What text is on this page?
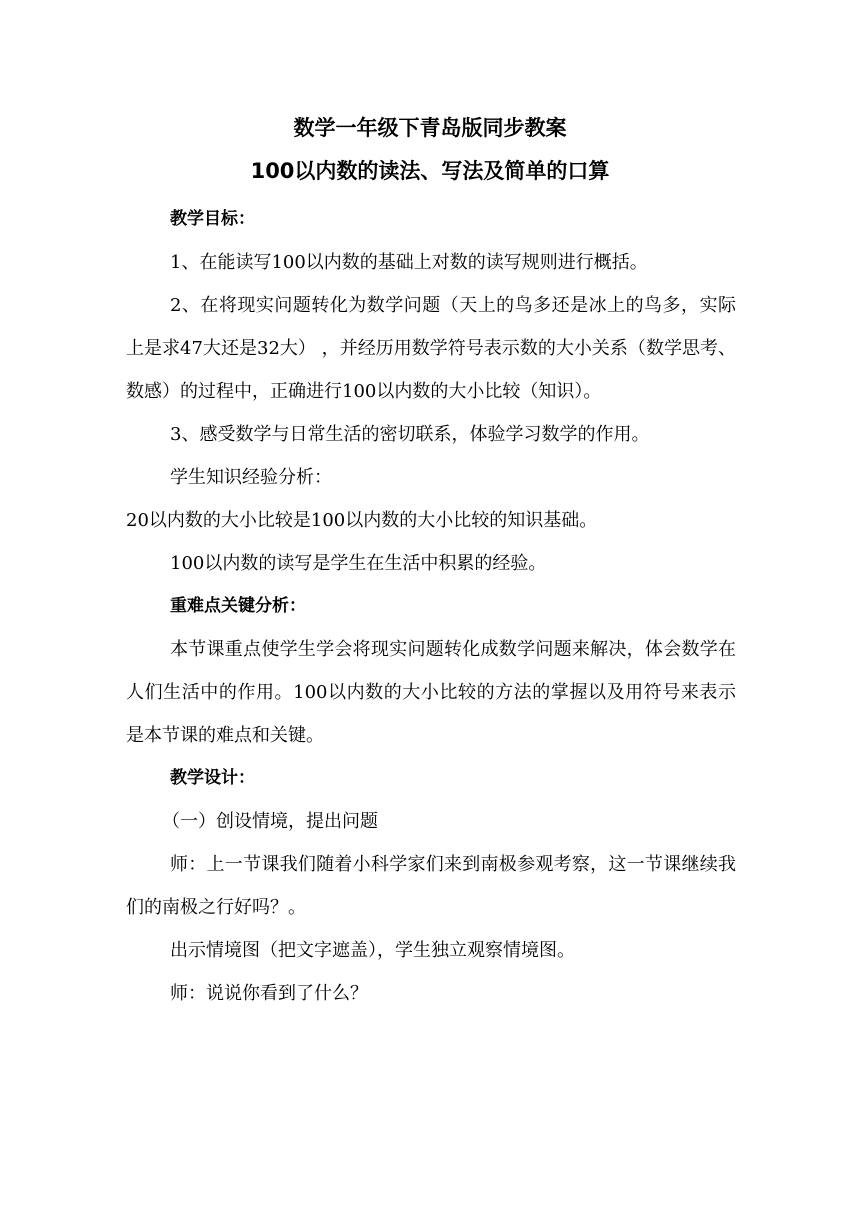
数学一年级下青岛版同步教案
100以内数的读法、写法及简单的口算

教学目标：

1、在能读写100以内数的基础上对数的读写规则进行概括。

2、在将现实问题转化为数学问题（天上的鸟多还是冰上的鸟多，实际上是求47大还是32大） ，并经历用数学符号表示数的大小关系（数学思考、数感）的过程中，正确进行100以内数的大小比较（知识）。

3、感受数学与日常生活的密切联系，体验学习数学的作用。

学生知识经验分析：

20以内数的大小比较是100以内数的大小比较的知识基础。

100以内数的读写是学生在生活中积累的经验。

重难点关键分析：

本节课重点使学生学会将现实问题转化成数学问题来解决，体会数学在人们生活中的作用。100以内数的大小比较的方法的掌握以及用符号来表示是本节课的难点和关键。

教学设计：

（一）创设情境，提出问题

师：上一节课我们随着小科学家们来到南极参观考察，这一节课继续我们的南极之行好吗？。

出示情境图（把文字遮盖），学生独立观察情境图。

师：说说你看到了什么？
